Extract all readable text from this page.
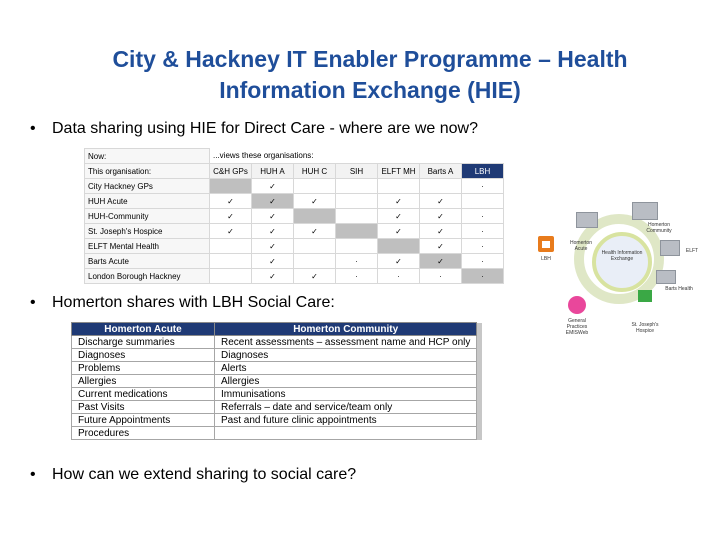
City & Hackney IT Enabler Programme – Health Information Exchange (HIE)
• Data sharing using HIE for Direct Care - where are we now?
Now:	...views these organisations:						
This organisation:	C&H GPs	HUH A	HUH C	SIH	ELFT MH	Barts A	LBH
City Hackney GPs		✓					·
HUH Acute	✓	✓	✓		✓	✓	
HUH-Community	✓	✓			✓	✓	·
St. Joseph's Hospice	✓	✓	✓		✓	✓	·
ELFT Mental Health		✓				✓	·
Barts Acute		✓		·	✓	✓	·
London Borough Hackney		✓	✓	·	·	·	·
Health Information Exchange
Homerton Acute
Homerton Community
ELFT
Barts Health
St. Joseph's Hospice
General Practices EMISWeb
LBH
• Homerton shares with LBH Social Care:
Homerton Acute	Homerton Community	
Discharge summaries	Recent assessments – assessment name and HCP only	
Diagnoses	Diagnoses	
Problems	Alerts	
Allergies	Allergies	
Current medications	Immunisations	
Past Visits	Referrals – date and service/team only	
Future Appointments	Past and future clinic appointments	
Procedures		
• How can we extend sharing to social care?
